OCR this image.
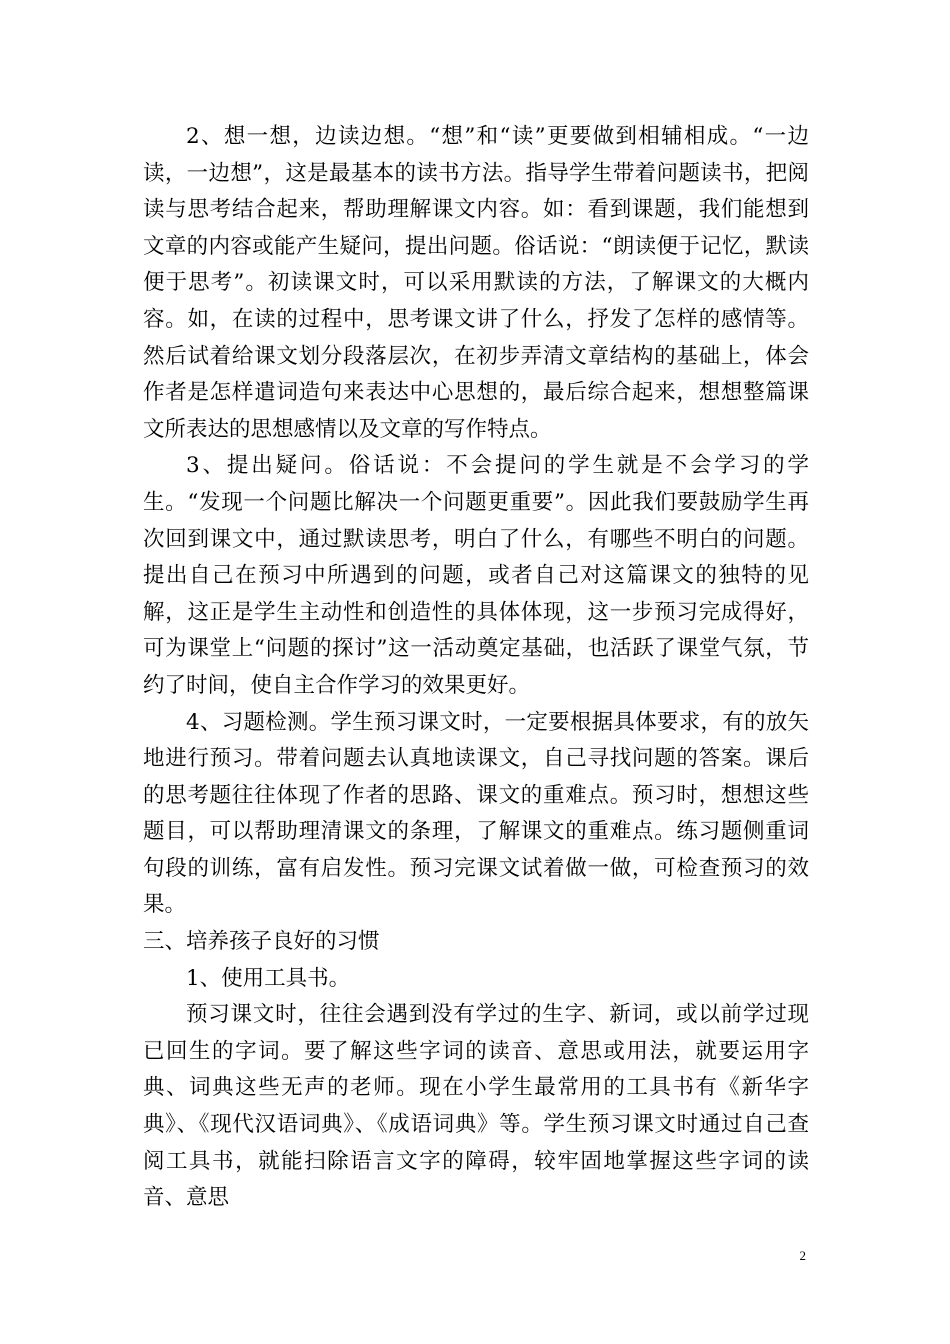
2、想一想，边读边想。“想”和“读”更要做到相辅相成。“一边读，一边想”，这是最基本的读书方法。指导学生带着问题读书，把阅读与思考结合起来，帮助理解课文内容。如：看到课题，我们能想到文章的内容或能产生疑问，提出问题。俗话说：“朗读便于记忆，默读便于思考”。初读课文时，可以采用默读的方法，了解课文的大概内容。如，在读的过程中，思考课文讲了什么，抒发了怎样的感情等。然后试着给课文划分段落层次，在初步弄清文章结构的基础上，体会作者是怎样遣词造句来表达中心思想的，最后综合起来，想想整篇课文所表达的思想感情以及文章的写作特点。

3、提出疑问。俗话说：不会提问的学生就是不会学习的学生。“发现一个问题比解决一个问题更重要”。因此我们要鼓励学生再次回到课文中，通过默读思考，明白了什么，有哪些不明白的问题。提出自己在预习中所遇到的问题，或者自己对这篇课文的独特的见解，这正是学生主动性和创造性的具体体现，这一步预习完成得好，可为课堂上“问题的探讨”这一活动奠定基础，也活跃了课堂气氛，节约了时间，使自主合作学习的效果更好。

4、习题检测。学生预习课文时，一定要根据具体要求，有的放矢地进行预习。带着问题去认真地读课文，自己寻找问题的答案。课后的思考题往往体现了作者的思路、课文的重难点。预习时，想想这些题目，可以帮助理清课文的条理，了解课文的重难点。练习题侧重词句段的训练，富有启发性。预习完课文试着做一做，可检查预习的效果。

三、培养孩子良好的习惯

1、使用工具书。

预习课文时，往往会遇到没有学过的生字、新词，或以前学过现已回生的字词。要了解这些字词的读音、意思或用法，就要运用字典、词典这些无声的老师。现在小学生最常用的工具书有《新华字典》、《现代汉语词典》、《成语词典》等。学生预习课文时通过自己查阅工具书，就能扫除语言文字的障碍，较牢固地掌握这些字词的读音、意思

2
